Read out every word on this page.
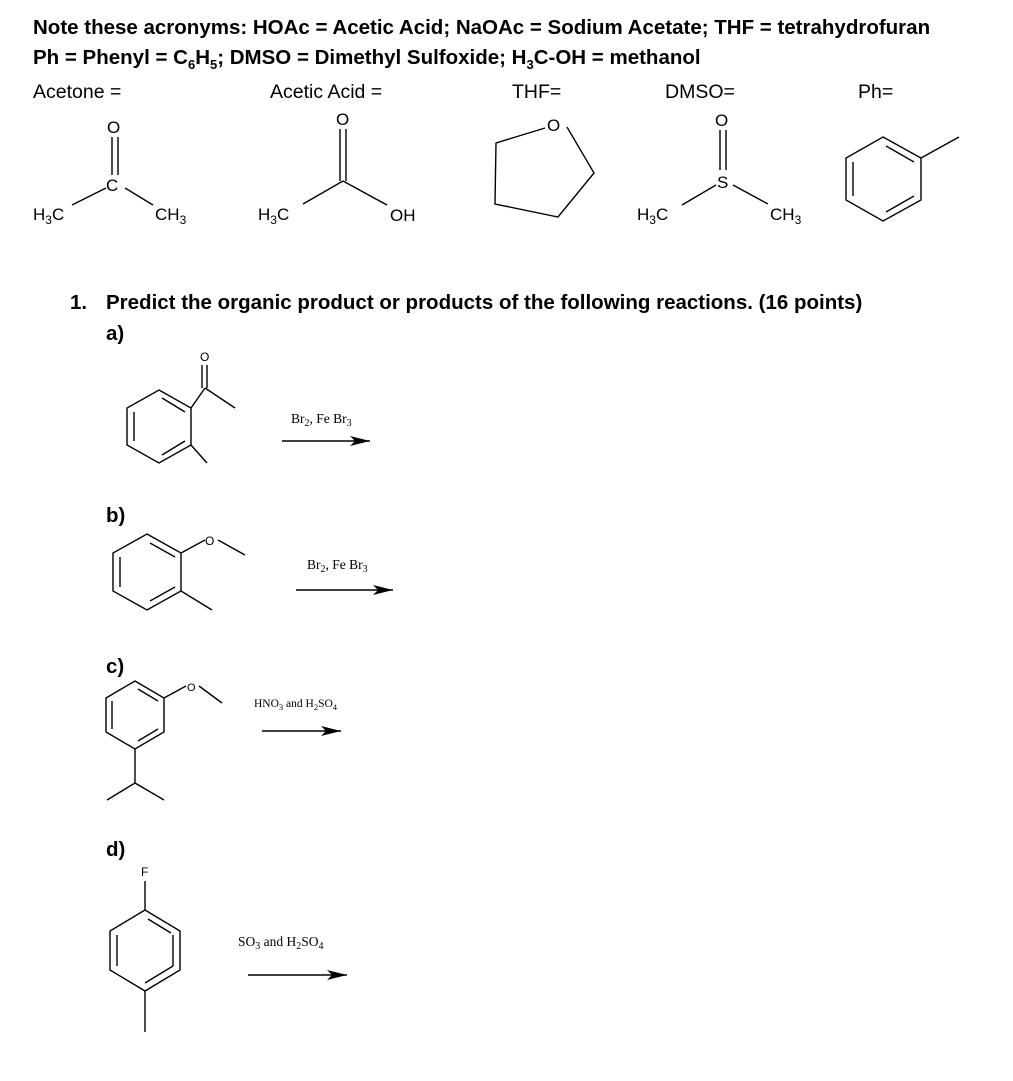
Note these acronyms: HOAc = Acetic Acid; NaOAc = Sodium Acetate; THF = tetrahydrofuran
Ph = Phenyl = $C_6H_5$; DMSO = Dimethyl Sulfoxide; $H_3C-OH$ = methanol
Acetone =	Acetic Acid =	THF=	DMSO=	Ph=
1. Predict the organic product or products of the following reactions. (16 points)
a)
b)
c)
d)
O
C
$H_3C$	$CH_3$
O
$H_3C$	OH
O	O
S
$H_3C$	$CH_3$
O
$Br_2$, Fe $Br_3$
O
$Br_2$, Fe $Br_3$
O
$HNO_3$ and $H_2SO_4$
F
$SO_3$ and $H_2SO_4$
